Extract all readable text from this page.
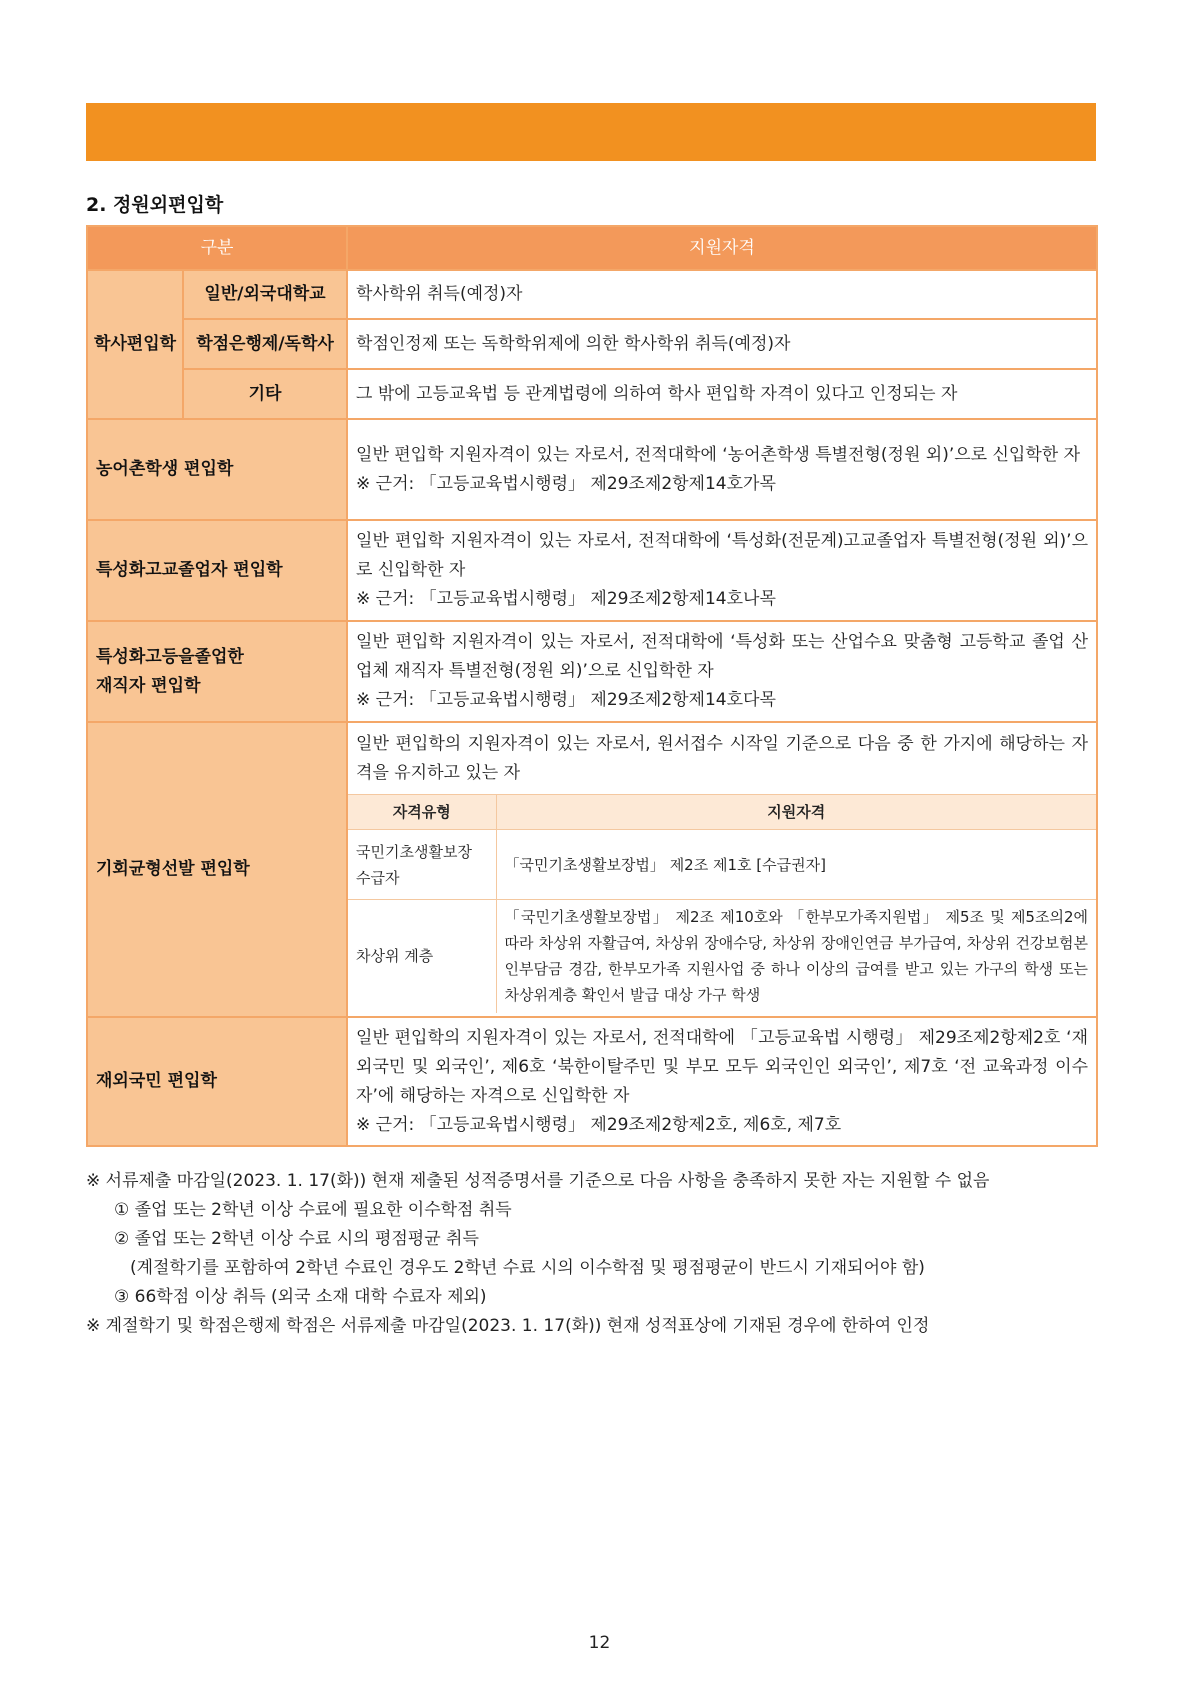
2. 정원외편입학
구분	지원자격
학사편입학	일반/외국대학교	학사학위 취득(예정)자
학점은행제/독학사	학점인정제 또는 독학학위제에 의한 학사학위 취득(예정)자
기타	그 밖에 고등교육법 등 관계법령에 의하여 학사 편입학 자격이 있다고 인정되는 자
농어촌학생 편입학	
일반 편입학 지원자격이 있는 자로서, 전적대학에 ‘농어촌학생 특별전형(정원 외)’으로 신입학한 자
※ 근거: 「고등교육법시행령」 제29조제2항제14호가목

특성화고교졸업자 편입학	
일반 편입학 지원자격이 있는 자로서, 전적대학에 ‘특성화(전문계)고교졸업자 특별전형(정원 외)’으로 신입학한 자
※ 근거: 「고등교육법시행령」 제29조제2항제14호나목

특성화고등을졸업한
재직자 편입학

일반 편입학 지원자격이 있는 자로서, 전적대학에 ‘특성화 또는 산업수요 맞춤형 고등학교 졸업 산업체 재직자 특별전형(정원 외)’으로 신입학한 자
※ 근거: 「고등교육법시행령」 제29조제2항제14호다목

기회균형선발 편입학	
일반 편입학의 지원자격이 있는 자로서, 원서접수 시작일 기준으로 다음 중 한 가지에 해당하는 자격을 유지하고 있는 자
자격유형	지원자격

국민기초생활보장
수급자
	「국민기초생활보장법」 제2조 제1호 [수급권자]
차상위 계층	「국민기초생활보장법」 제2조 제10호와 「한부모가족지원법」 제5조 및 제5조의2에 따라 차상위 자활급여, 차상위 장애수당, 차상위 장애인연금 부가급여, 차상위 건강보험본인부담금 경감, 한부모가족 지원사업 중 하나 이상의 급여를 받고 있는 가구의 학생 또는 차상위계층 확인서 발급 대상 가구 학생

재외국민 편입학	
일반 편입학의 지원자격이 있는 자로서, 전적대학에 「고등교육법 시행령」 제29조제2항제2호 ‘재외국민 및 외국인’, 제6호 ‘북한이탈주민 및 부모 모두 외국인인 외국인’, 제7호 ‘전 교육과정 이수자’에 해당하는 자격으로 신입학한 자
※ 근거: 「고등교육법시행령」 제29조제2항제2호, 제6호, 제7호
※ 서류제출 마감일(2023. 1. 17(화)) 현재 제출된 성적증명서를 기준으로 다음 사항을 충족하지 못한 자는 지원할 수 없음
① 졸업 또는 2학년 이상 수료에 필요한 이수학점 취득
② 졸업 또는 2학년 이상 수료 시의 평점평균 취득
(계절학기를 포함하여 2학년 수료인 경우도 2학년 수료 시의 이수학점 및 평점평균이 반드시 기재되어야 함)
③ 66학점 이상 취득 (외국 소재 대학 수료자 제외)
※ 계절학기 및 학점은행제 학점은 서류제출 마감일(2023. 1. 17(화)) 현재 성적표상에 기재된 경우에 한하여 인정
12
